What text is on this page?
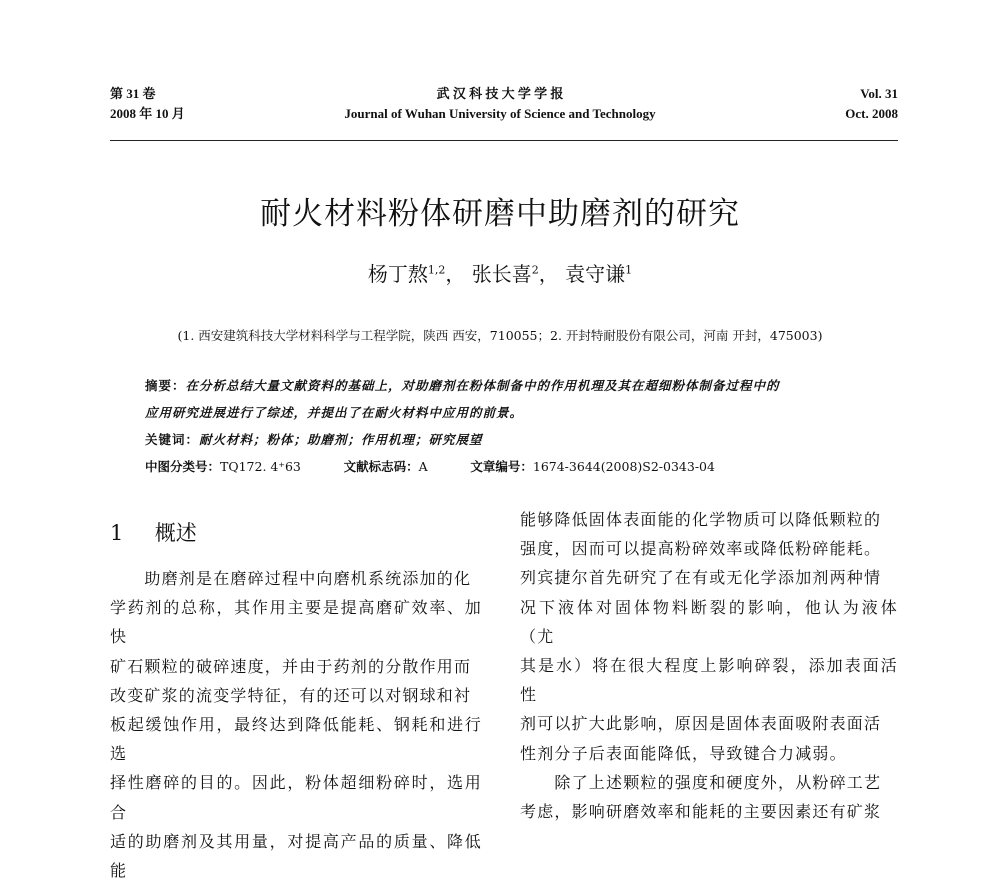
第 31 卷
2008 年 10 月
武 汉 科 技 大 学 学 报
Journal of Wuhan University of Science and Technology
Vol. 31
Oct. 2008
耐火材料粉体研磨中助磨剂的研究
杨丁熬$^{1,2}$， 张长喜$^2$， 袁守谦$^1$
(1. 西安建筑科技大学材料科学与工程学院，陕西 西安，710055；2. 开封特耐股份有限公司，河南 开封，475003)
摘要：在分析总结大量文献资料的基础上，对助磨剂在粉体制备中的作用机理及其在超细粉体制备过程中的
应用研究进展进行了综述，并提出了在耐火材料中应用的前景。
关键词：耐火材料；粉体；助磨剂；作用机理；研究展望
中图分类号：TQ172. 4⁺63	文献标志码：A	文章编号：1674-3644(2008)S2-0343-04
1 概述

　　助磨剂是在磨碎过程中向磨机系统添加的化

学药剂的总称，其作用主要是提高磨矿效率、加快

矿石颗粒的破碎速度，并由于药剂的分散作用而

改变矿浆的流变学特征，有的还可以对钢球和衬

板起缓蚀作用，最终达到降低能耗、钢耗和进行选

择性磨碎的目的。因此，粉体超细粉碎时，选用合

适的助磨剂及其用量，对提高产品的质量、降低能

能够降低固体表面能的化学物质可以降低颗粒的

强度，因而可以提高粉碎效率或降低粉碎能耗。

列宾捷尔首先研究了在有或无化学添加剂两种情

况下液体对固体物料断裂的影响，他认为液体（尤

其是水）将在很大程度上影响碎裂，添加表面活性

剂可以扩大此影响，原因是固体表面吸附表面活

性剂分子后表面能降低，导致键合力减弱。

　　除了上述颗粒的强度和硬度外，从粉碎工艺

考虑，影响研磨效率和能耗的主要因素还有矿浆
